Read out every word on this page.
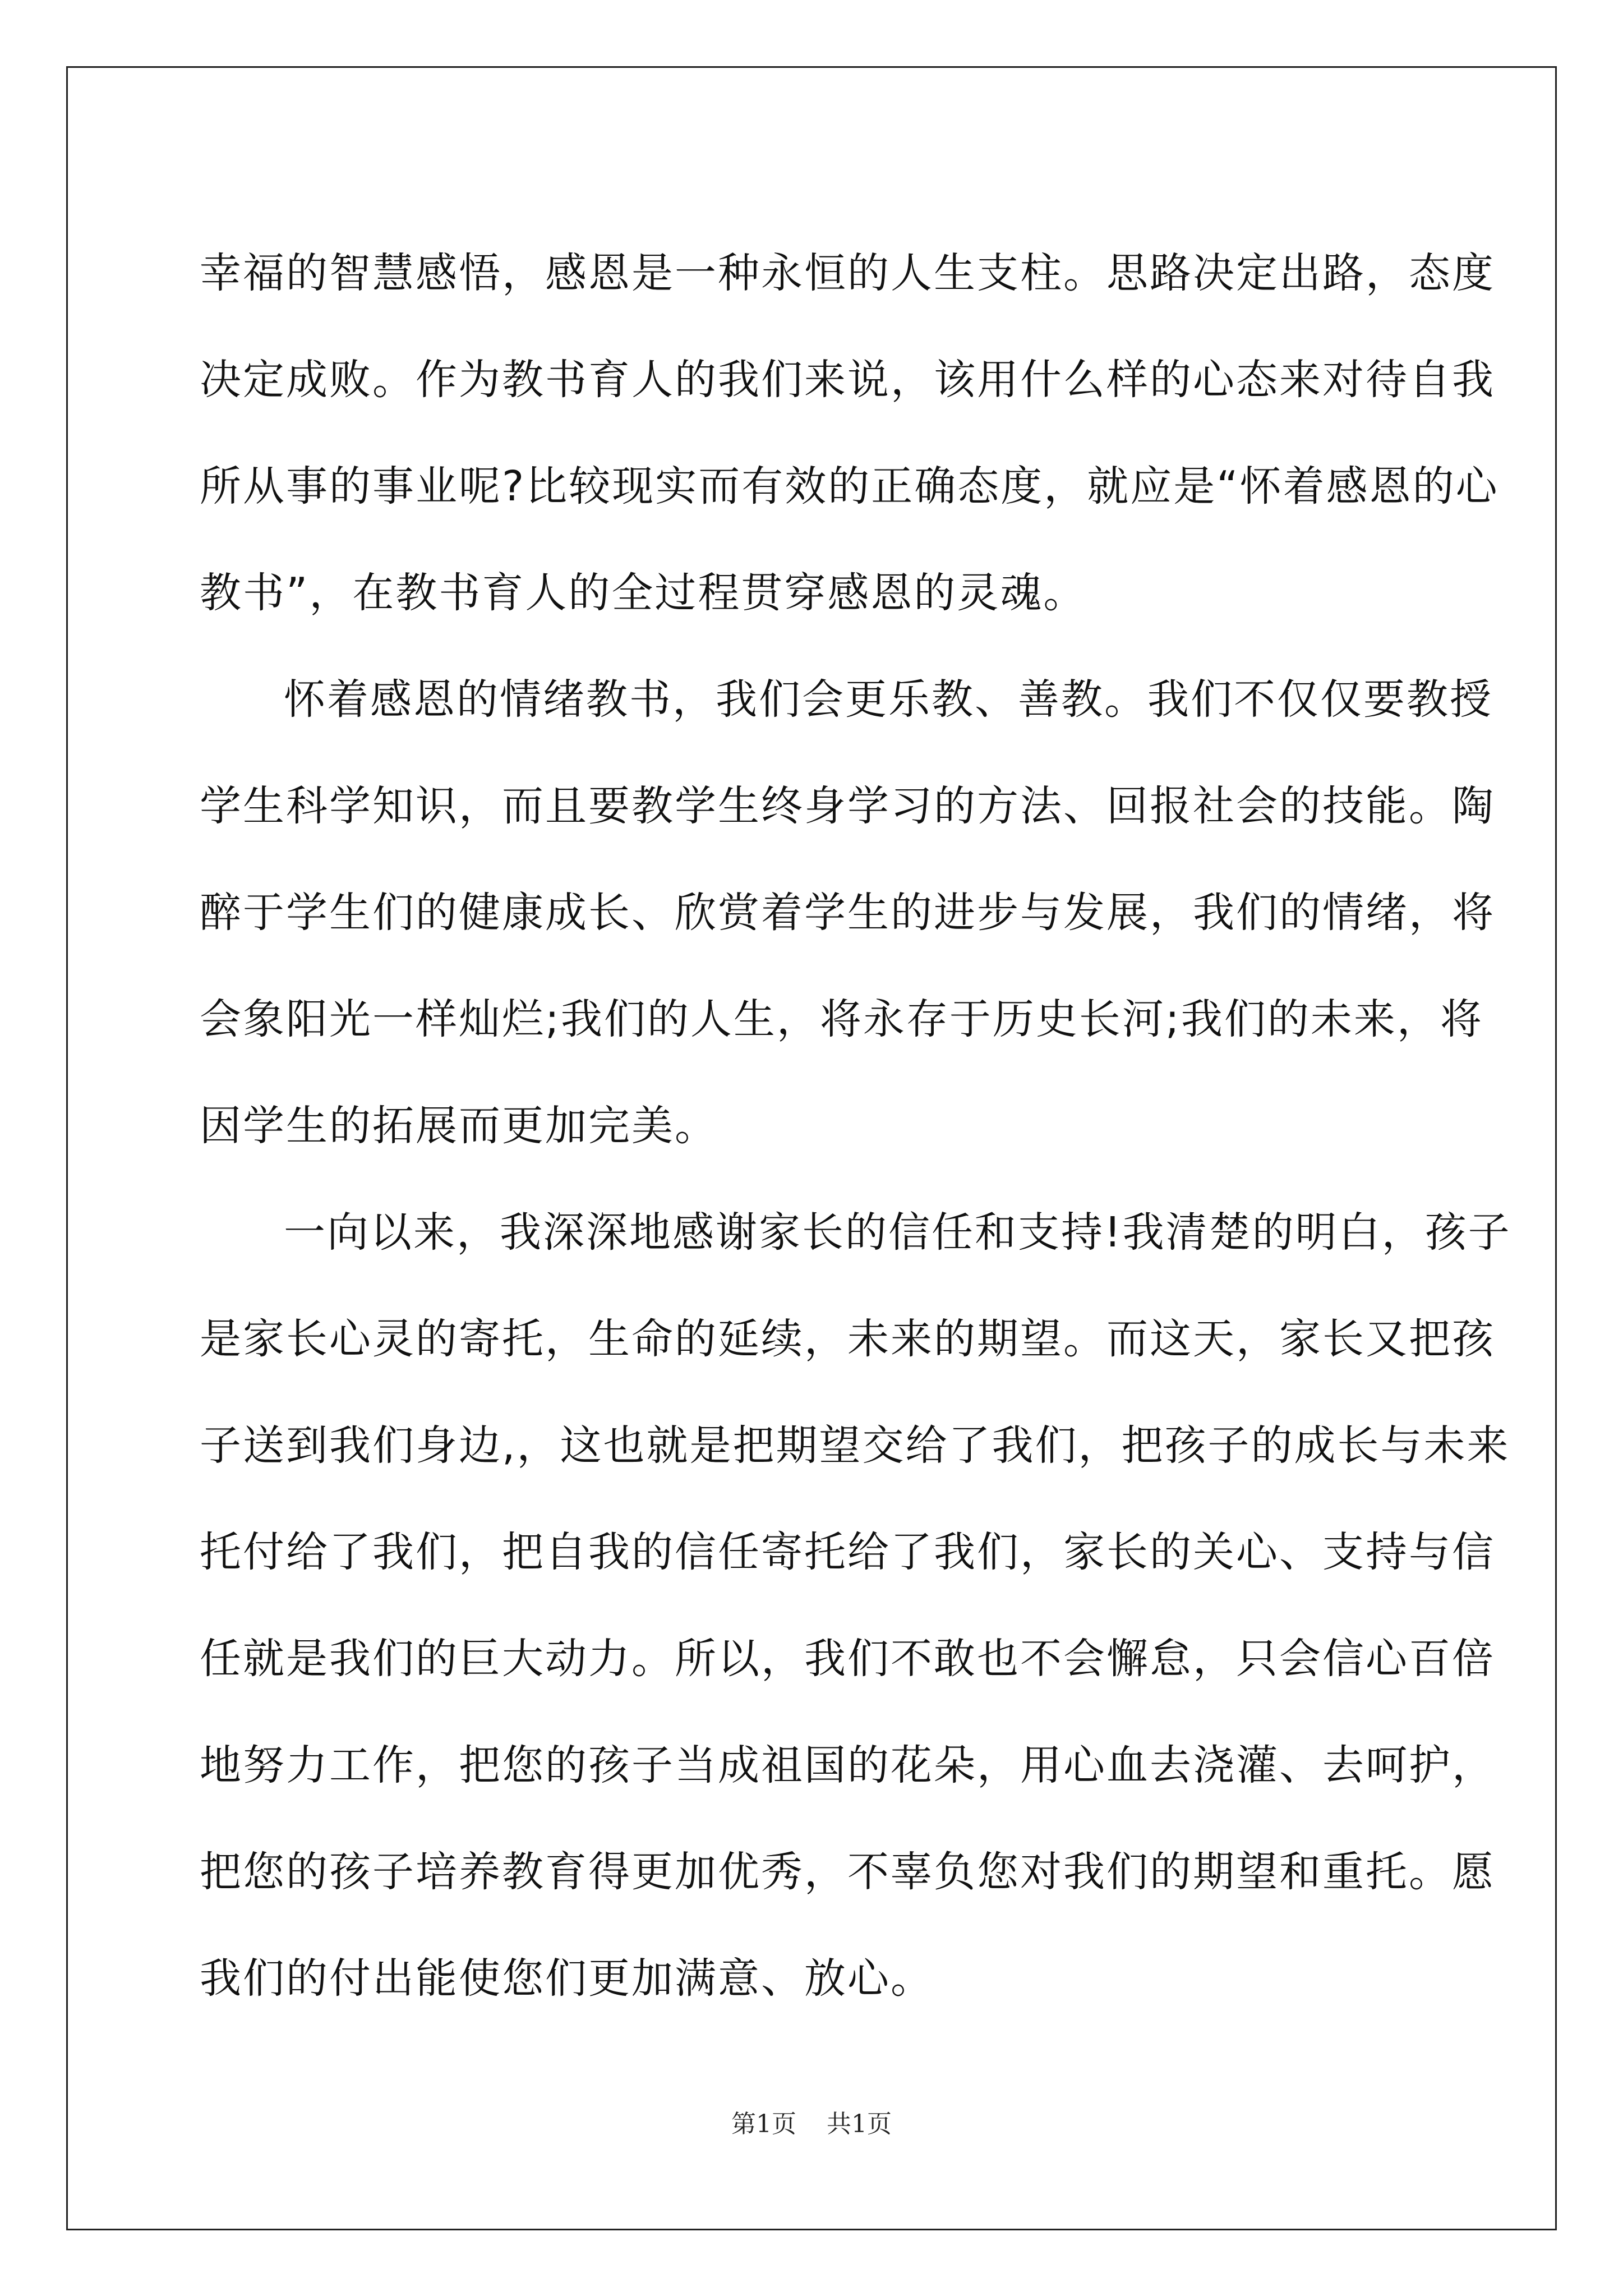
幸福的智慧感悟，感恩是一种永恒的人生支柱。思路决定出路，态度
决定成败。作为教书育人的我们来说，该用什么样的心态来对待自我
所从事的事业呢?比较现实而有效的正确态度，就应是“怀着感恩的心
教书”，在教书育人的全过程贯穿感恩的灵魂。

怀着感恩的情绪教书，我们会更乐教、善教。我们不仅仅要教授
学生科学知识，而且要教学生终身学习的方法、回报社会的技能。陶
醉于学生们的健康成长、欣赏着学生的进步与发展，我们的情绪，将
会象阳光一样灿烂;我们的人生，将永存于历史长河;我们的未来，将
因学生的拓展而更加完美。

一向以来，我深深地感谢家长的信任和支持!我清楚的明白，孩子
是家长心灵的寄托，生命的延续，未来的期望。而这天，家长又把孩
子送到我们身边,，这也就是把期望交给了我们，把孩子的成长与未来
托付给了我们，把自我的信任寄托给了我们，家长的关心、支持与信
任就是我们的巨大动力。所以，我们不敢也不会懈怠，只会信心百倍
地努力工作，把您的孩子当成祖国的花朵，用心血去浇灌、去呵护，
把您的孩子培养教育得更加优秀，不辜负您对我们的期望和重托。愿
我们的付出能使您们更加满意、放心。

第1页 共1页
